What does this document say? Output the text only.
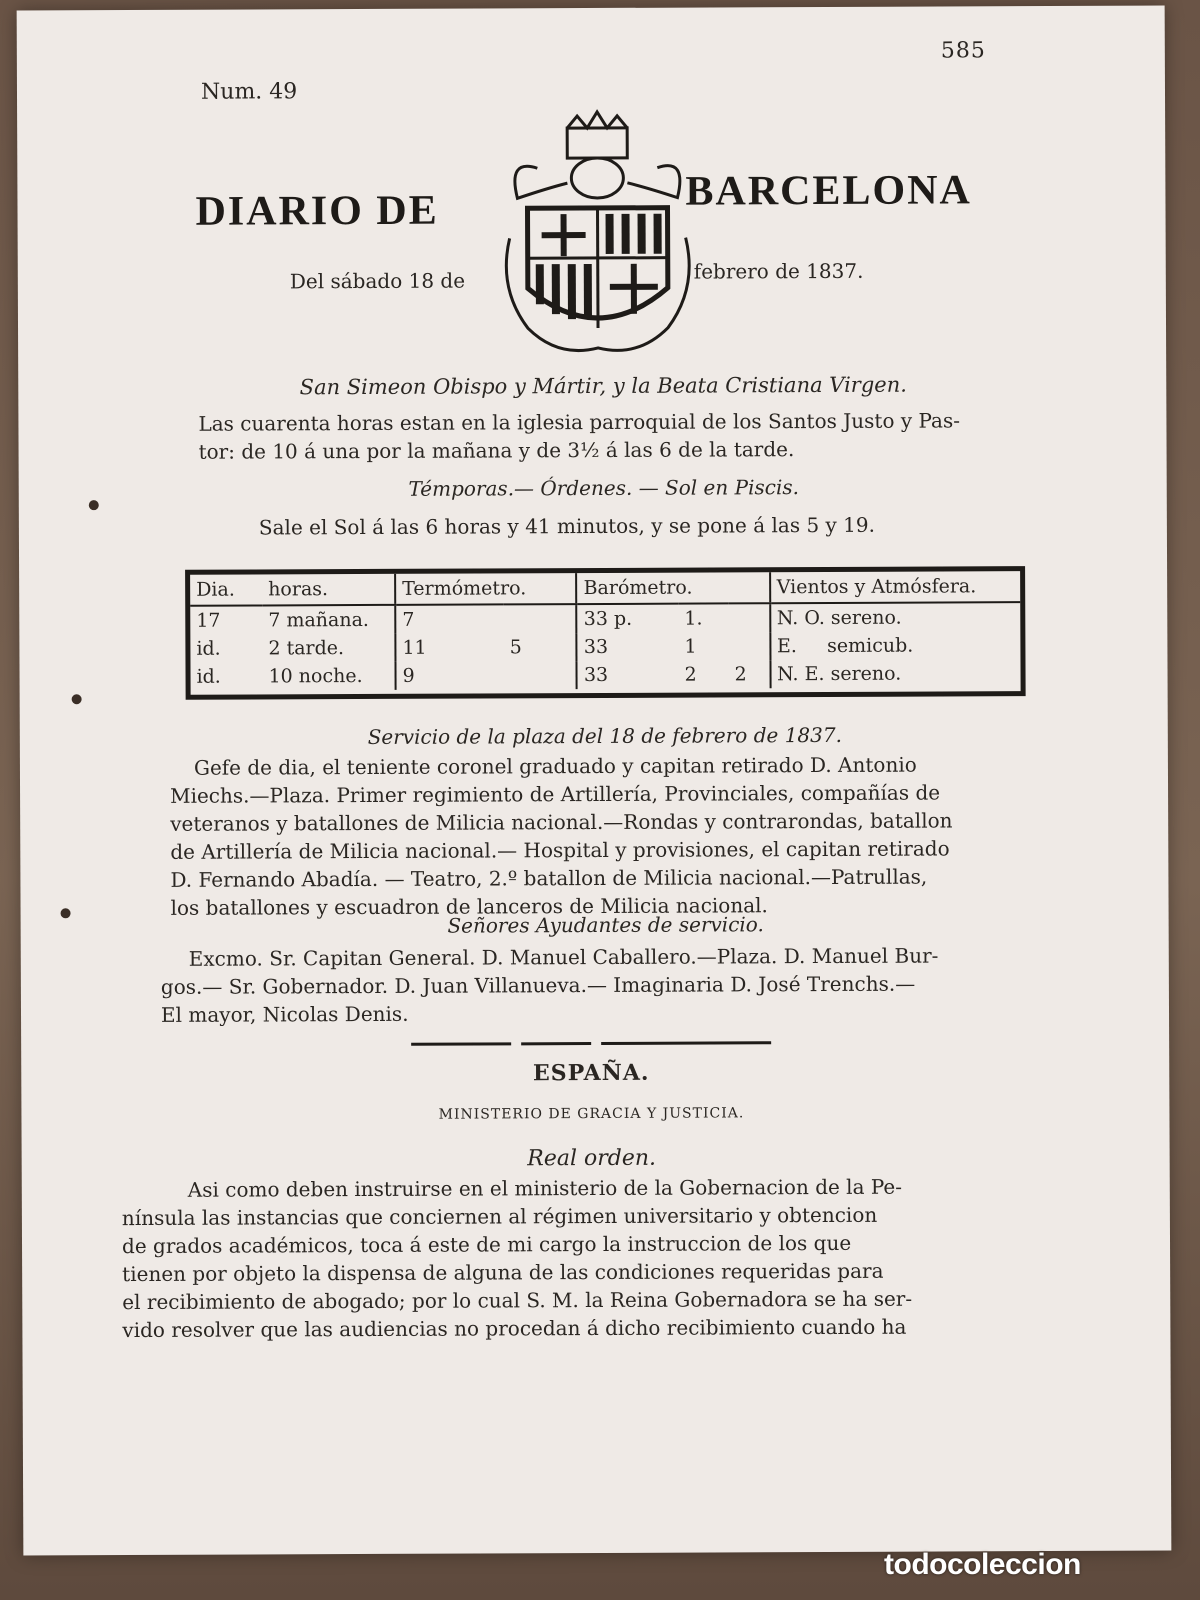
585
Num. 49
DIARIO DE	BARCELONA
Del sábado 18 de	febrero de 1837.
San Simeon Obispo y Mártir, y la Beata Cristiana Virgen.
Las cuarenta horas estan en la iglesia parroquial de los Santos Justo y Pas-
tor: de 10 á una por la mañana y de 3½ á las 6 de la tarde.
Témporas.— Órdenes. — Sol en Piscis.
Sale el Sol á las 6 horas y 41 minutos, y se pone á las 5 y 19.
Dia.	horas.	Termómetro.		Barómetro.			Vientos y Atmósfera.
17	7 mañana.	7		33 p.	1.		N. O. sereno.
id.	2 tarde.	11	5	33	1		E.     semicub.
id.	10 noche.	9		33	2	2	N. E. sereno.
Servicio de la plaza del 18 de febrero de 1837.
Gefe de dia, el teniente coronel graduado y capitan retirado D. Antonio
Miechs.—Plaza. Primer regimiento de Artillería, Provinciales, compañías de
veteranos y batallones de Milicia nacional.—Rondas y contrarondas, batallon
de Artillería de Milicia nacional.— Hospital y provisiones, el capitan retirado
D. Fernando Abadía. — Teatro, 2.º batallon de Milicia nacional.—Patrullas,
los batallones y escuadron de lanceros de Milicia nacional.
Señores Ayudantes de servicio.
Excmo. Sr. Capitan General. D. Manuel Caballero.—Plaza. D. Manuel Bur-
gos.— Sr. Gobernador. D. Juan Villanueva.— Imaginaria D. José Trenchs.—
El mayor, Nicolas Denis.
ESPAÑA.
MINISTERIO DE GRACIA Y JUSTICIA.
Real orden.
Asi como deben instruirse en el ministerio de la Gobernacion de la Pe-
nínsula las instancias que conciernen al régimen universitario y obtencion
de grados académicos, toca á este de mi cargo la instruccion de los que
tienen por objeto la dispensa de alguna de las condiciones requeridas para
el recibimiento de abogado; por lo cual S. M. la Reina Gobernadora se ha ser-
vido resolver que las audiencias no procedan á dicho recibimiento cuando ha
todocoleccion
